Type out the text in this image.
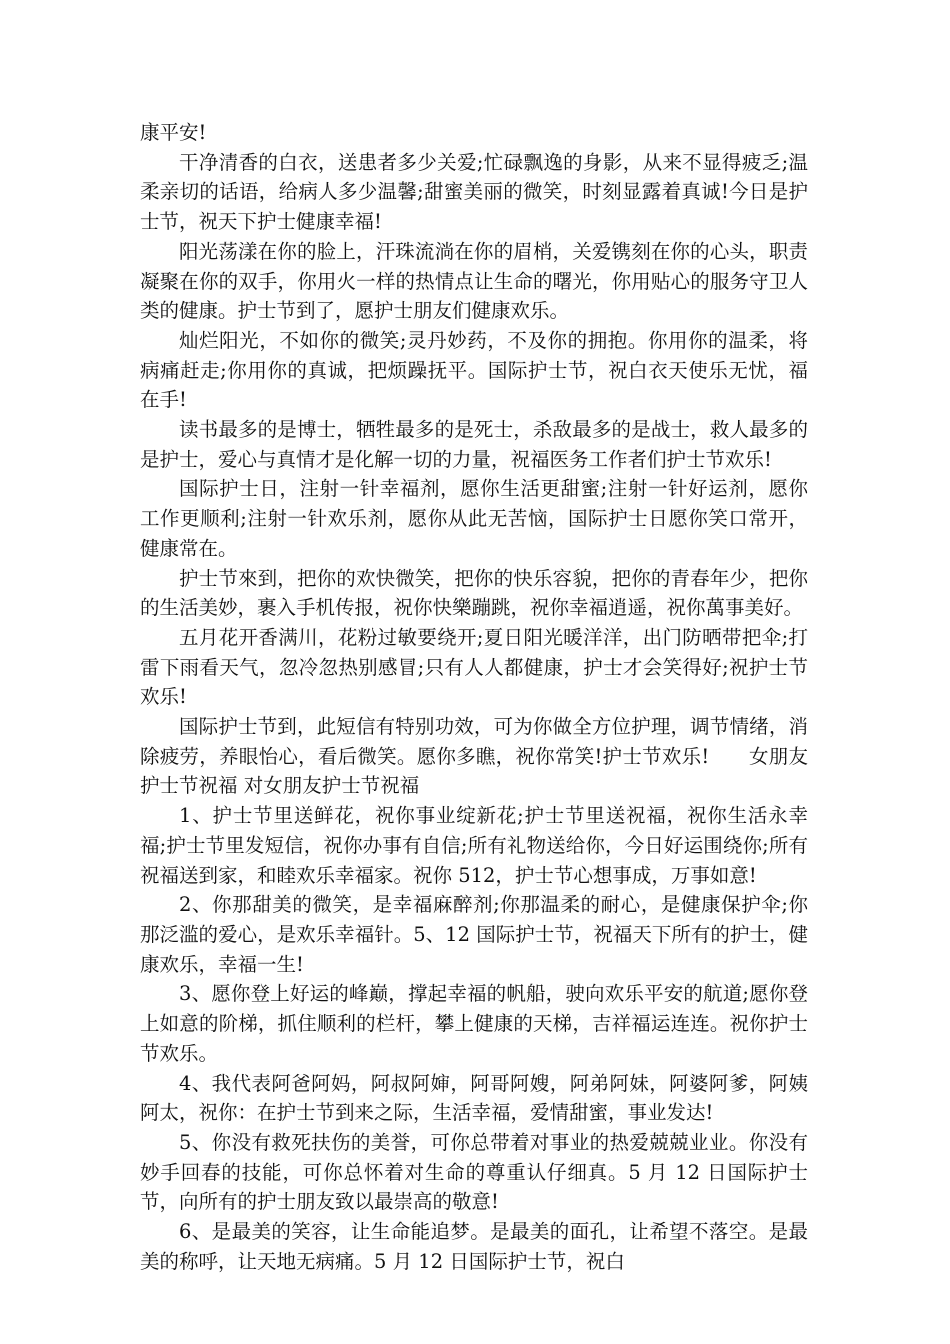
康平安!

干净清香的白衣，送患者多少关爱;忙碌飘逸的身影，从来不显得疲乏;温柔亲切的话语，给病人多少温馨;甜蜜美丽的微笑，时刻显露着真诚!今日是护士节，祝天下护士健康幸福!

阳光荡漾在你的脸上，汗珠流淌在你的眉梢，关爱镌刻在你的心头，职责凝聚在你的双手，你用火一样的热情点让生命的曙光，你用贴心的服务守卫人类的健康。护士节到了，愿护士朋友们健康欢乐。

灿烂阳光，不如你的微笑;灵丹妙药，不及你的拥抱。你用你的温柔，将病痛赶走;你用你的真诚，把烦躁抚平。国际护士节，祝白衣天使乐无忧，福在手!

读书最多的是博士，牺牲最多的是死士，杀敌最多的是战士，救人最多的是护士，爱心与真情才是化解一切的力量，祝福医务工作者们护士节欢乐!

国际护士日，注射一针幸福剂，愿你生活更甜蜜;注射一针好运剂，愿你工作更顺利;注射一针欢乐剂，愿你从此无苦恼，国际护士日愿你笑口常开，健康常在。

护士节來到，把你的欢快微笑，把你的快乐容貌，把你的青春年少，把你的生活美妙，裹入手机传报，祝你快樂蹦跳，祝你幸福逍遥，祝你萬事美好。

五月花开香满川，花粉过敏要绕开;夏日阳光暖洋洋，出门防晒带把伞;打雷下雨看天气，忽冷忽热别感冒;只有人人都健康，护士才会笑得好;祝护士节欢乐!

国际护士节到，此短信有特别功效，可为你做全方位护理，调节情绪，消除疲劳，养眼怡心，看后微笑。愿你多瞧，祝你常笑!护士节欢乐!　　女朋友护士节祝福 对女朋友护士节祝福

1、护士节里送鲜花，祝你事业绽新花;护士节里送祝福，祝你生活永幸福;护士节里发短信，祝你办事有自信;所有礼物送给你，今日好运围绕你;所有祝福送到家，和睦欢乐幸福家。祝你 512，护士节心想事成，万事如意!

2、你那甜美的微笑，是幸福麻醉剂;你那温柔的耐心，是健康保护伞;你那泛滥的爱心，是欢乐幸福针。5、12 国际护士节，祝福天下所有的护士，健康欢乐，幸福一生!

3、愿你登上好运的峰巅，撑起幸福的帆船，驶向欢乐平安的航道;愿你登上如意的阶梯，抓住顺利的栏杆，攀上健康的天梯，吉祥福运连连。祝你护士节欢乐。

4、我代表阿爸阿妈，阿叔阿婶，阿哥阿嫂，阿弟阿妹，阿婆阿爹，阿姨阿太，祝你：在护士节到来之际，生活幸福，爱情甜蜜，事业发达!

5、你没有救死扶伤的美誉，可你总带着对事业的热爱兢兢业业。你没有妙手回春的技能，可你总怀着对生命的尊重认仔细真。5 月 12 日国际护士节，向所有的护士朋友致以最崇高的敬意!

6、是最美的笑容，让生命能追梦。是最美的面孔，让希望不落空。是最美的称呼，让天地无病痛。5 月 12 日国际护士节，祝白
